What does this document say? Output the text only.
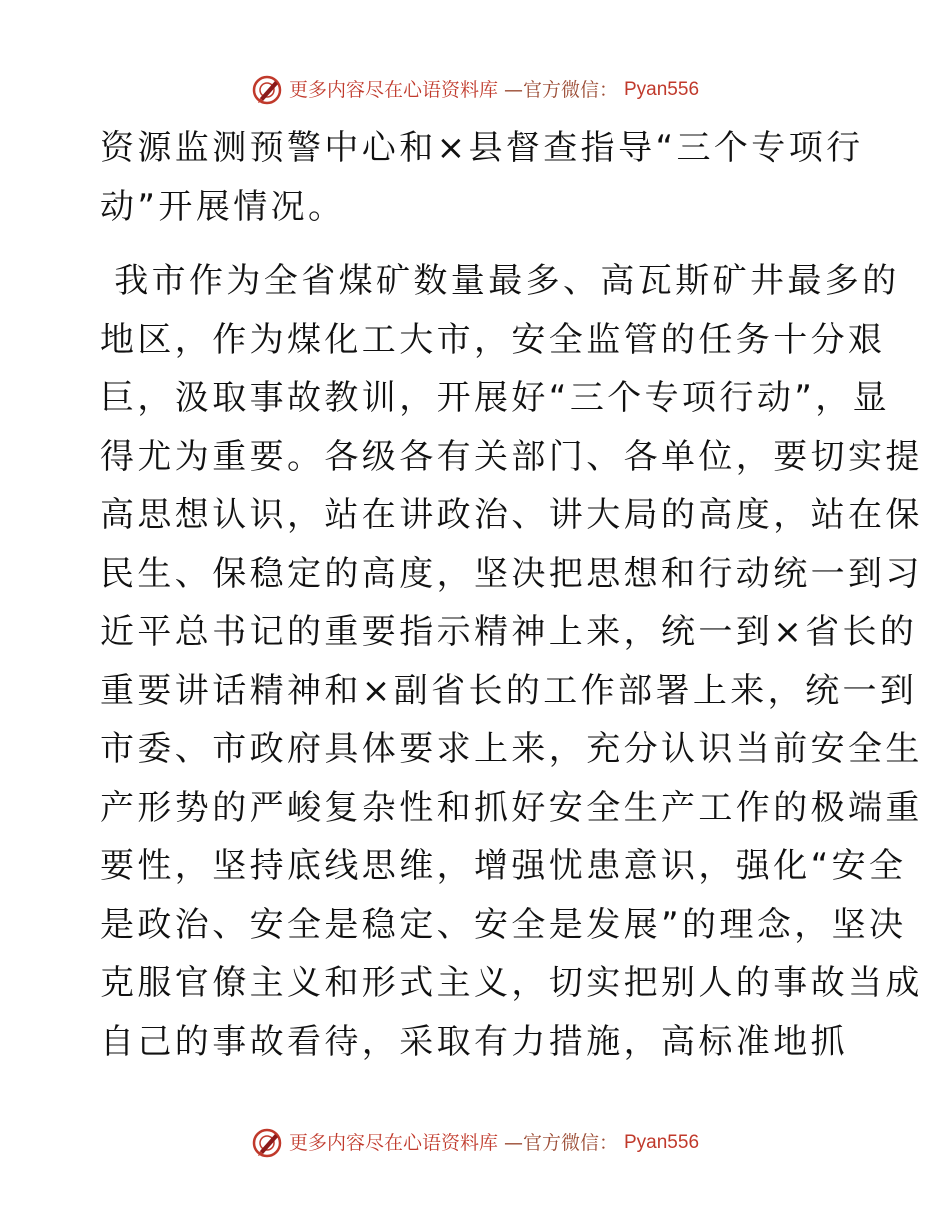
更多内容尽在心语资料库 —官方微信： Pyan556
资源监测预警中心和×县督查指导“三个专项行
动”开展情况。
我市作为全省煤矿数量最多、高瓦斯矿井最多的
地区，作为煤化工大市，安全监管的任务十分艰
巨，汲取事故教训，开展好“三个专项行动”，显
得尤为重要。各级各有关部门、各单位，要切实提
高思想认识，站在讲政治、讲大局的高度，站在保
民生、保稳定的高度，坚决把思想和行动统一到习
近平总书记的重要指示精神上来，统一到×省长的
重要讲话精神和×副省长的工作部署上来，统一到
市委、市政府具体要求上来，充分认识当前安全生
产形势的严峻复杂性和抓好安全生产工作的极端重
要性，坚持底线思维，增强忧患意识，强化“安全
是政治、安全是稳定、安全是发展”的理念，坚决
克服官僚主义和形式主义，切实把别人的事故当成
自己的事故看待，采取有力措施，高标准地抓
更多内容尽在心语资料库 —官方微信： Pyan556
